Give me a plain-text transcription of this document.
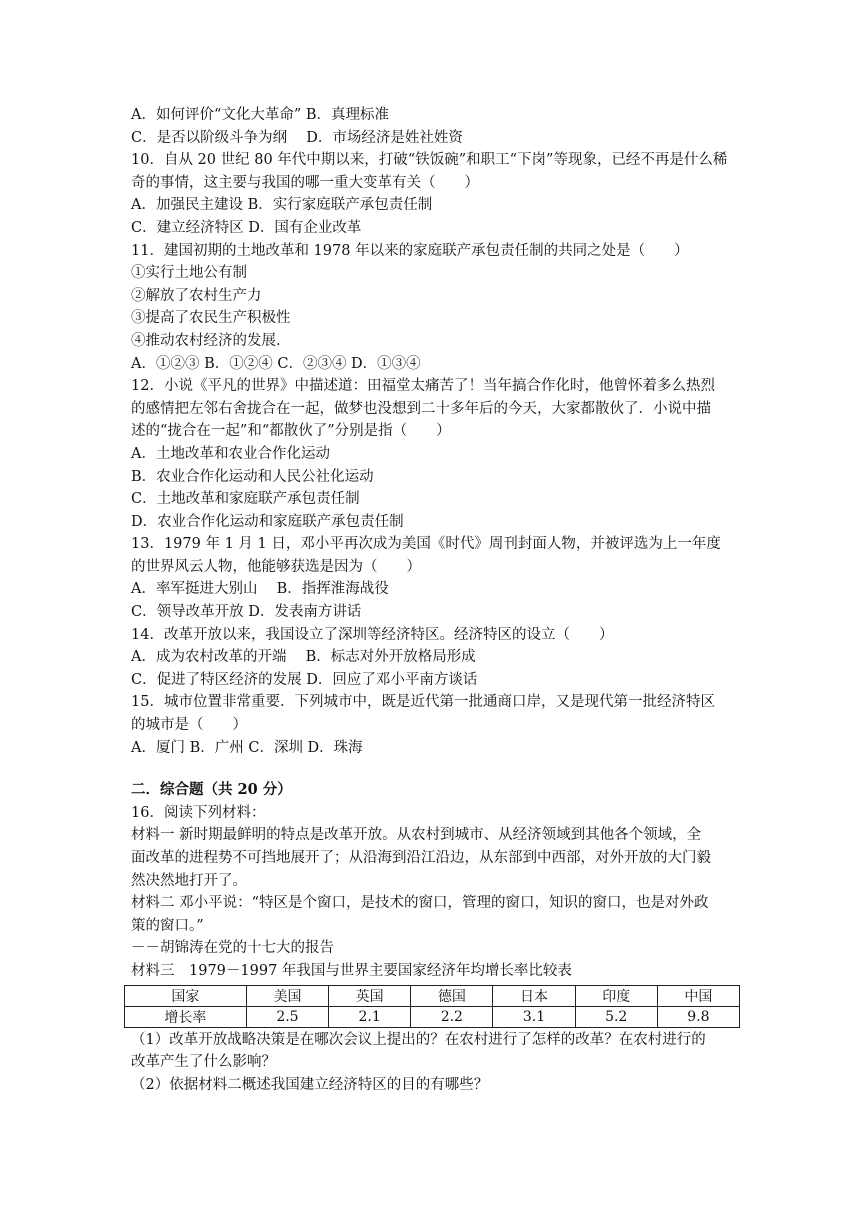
A．如何评价“文化大革命” B．真理标准
C．是否以阶级斗争为纲　 D．市场经济是姓社姓资
10．自从 20 世纪 80 年代中期以来，打破“铁饭碗”和职工“下岗”等现象，已经不再是什么稀
奇的事情，这主要与我国的哪一重大变革有关（　　）
A．加强民主建设 B．实行家庭联产承包责任制
C．建立经济特区 D．国有企业改革
11．建国初期的土地改革和 1978 年以来的家庭联产承包责任制的共同之处是（　　）
①实行土地公有制
②解放了农村生产力
③提高了农民生产积极性
④推动农村经济的发展．
A．①②③ B．①②④ C．②③④ D．①③④
12．小说《平凡的世界》中描述道：田福堂太痛苦了！当年搞合作化时，他曾怀着多么热烈
的感情把左邻右舍拢合在一起，做梦也没想到二十多年后的今天，大家都散伙了．小说中描
述的“拢合在一起”和“都散伙了”分别是指（　　）
A．土地改革和农业合作化运动
B．农业合作化运动和人民公社化运动
C．土地改革和家庭联产承包责任制
D．农业合作化运动和家庭联产承包责任制
13．1979 年 1 月 1 日，邓小平再次成为美国《时代》周刊封面人物，并被评选为上一年度
的世界风云人物，他能够获选是因为（　　）
A．率军挺进大别山　 B．指挥淮海战役
C．领导改革开放 D．发表南方讲话
14．改革开放以来，我国设立了深圳等经济特区。经济特区的设立（　　）
A．成为农村改革的开端　 B．标志对外开放格局形成
C．促进了特区经济的发展 D．回应了邓小平南方谈话
15．城市位置非常重要．下列城市中，既是近代第一批通商口岸，又是现代第一批经济特区
的城市是（　　）
A．厦门 B．广州 C．深圳 D．珠海
二．综合题（共 20 分）
16．阅读下列材料：
材料一 新时期最鲜明的特点是改革开放。从农村到城市、从经济领域到其他各个领域，全
面改革的进程势不可挡地展开了；从沿海到沿江沿边，从东部到中西部，对外开放的大门毅
然决然地打开了。
材料二 邓小平说：“特区是个窗口，是技术的窗口，管理的窗口，知识的窗口，也是对外政
策的窗口。”
－－胡锦涛在党的十七大的报告
材料三　1979－1997 年我国与世界主要国家经济年均增长率比较表
国家	美国	英国	德国	日本	印度	中国
增长率	2.5	2.1	2.2	3.1	5.2	9.8
（1）改革开放战略决策是在哪次会议上提出的？在农村进行了怎样的改革？在农村进行的
改革产生了什么影响？
（2）依据材料二概述我国建立经济特区的目的有哪些？
